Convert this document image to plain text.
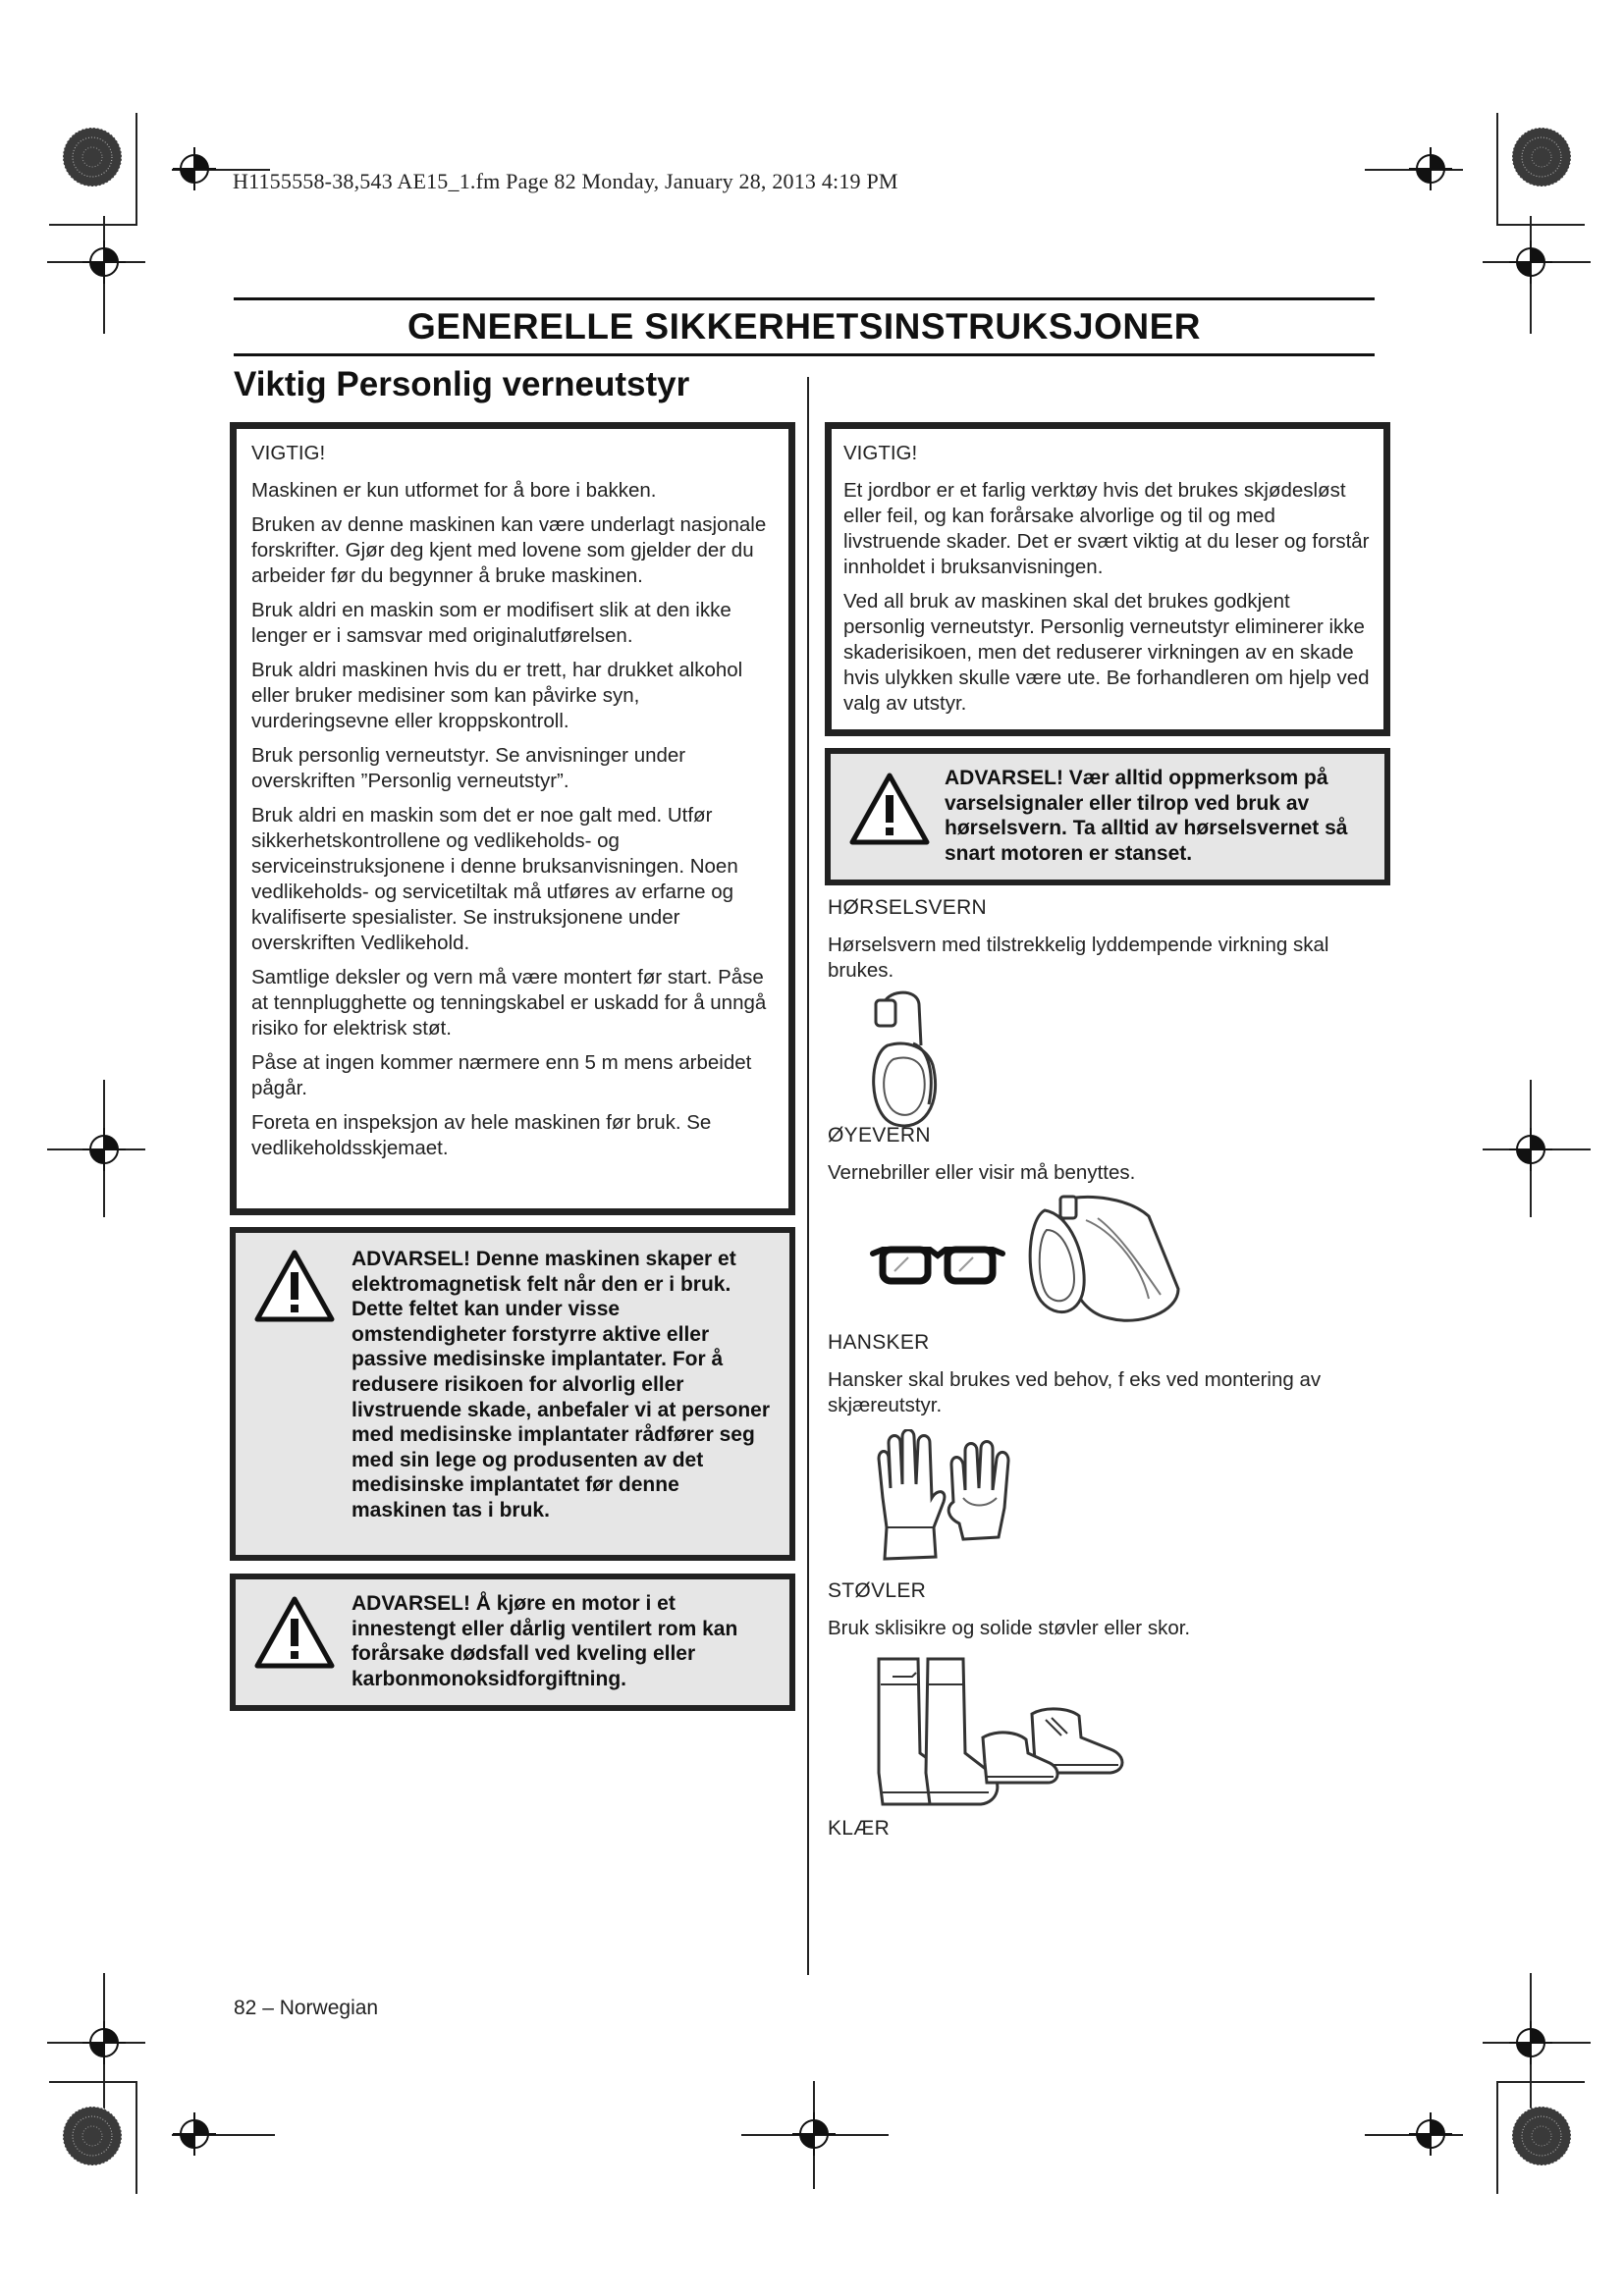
H1155558-38,543 AE15_1.fm Page 82 Monday, January 28, 2013 4:19 PM
GENERELLE SIKKERHETSINSTRUKSJONER
Viktig Personlig verneutstyr
VIGTIG!

Maskinen er kun utformet for å bore i bakken.

Bruken av denne maskinen kan være underlagt nasjonale forskrifter. Gjør deg kjent med lovene som gjelder der du arbeider før du begynner å bruke maskinen.

Bruk aldri en maskin som er modifisert slik at den ikke lenger er i samsvar med originalutførelsen.

Bruk aldri maskinen hvis du er trett, har drukket alkohol eller bruker medisiner som kan påvirke syn, vurderingsevne eller kroppskontroll.

Bruk personlig verneutstyr. Se anvisninger under overskriften ”Personlig verneutstyr”.

Bruk aldri en maskin som det er noe galt med. Utfør sikkerhetskontrollene og vedlikeholds- og serviceinstruksjonene i denne bruksanvisningen. Noen vedlikeholds- og servicetiltak må utføres av erfarne og kvalifiserte spesialister. Se instruksjonene under overskriften Vedlikehold.

Samtlige deksler og vern må være montert før start. Påse at tennplugghette og tenningskabel er uskadd for å unngå risiko for elektrisk støt.

Påse at ingen kommer nærmere enn 5 m mens arbeidet pågår.

Foreta en inspeksjon av hele maskinen før bruk. Se vedlikeholdsskjemaet.

ADVARSEL! Denne maskinen skaper et elektromagnetisk felt når den er i bruk. Dette feltet kan under visse omstendigheter forstyrre aktive eller passive medisinske implantater. For å redusere risikoen for alvorlig eller livstruende skade, anbefaler vi at personer med medisinske implantater rådfører seg med sin lege og produsenten av det medisinske implantatet før denne maskinen tas i bruk.
ADVARSEL! Å kjøre en motor i et innestengt eller dårlig ventilert rom kan forårsake dødsfall ved kveling eller karbonmonoksidforgiftning.
VIGTIG!

Et jordbor er et farlig verktøy hvis det brukes skjødesløst eller feil, og kan forårsake alvorlige og til og med livstruende skader. Det er svært viktig at du leser og forstår innholdet i bruksanvisningen.

Ved all bruk av maskinen skal det brukes godkjent personlig verneutstyr. Personlig verneutstyr eliminerer ikke skaderisikoen, men det reduserer virkningen av en skade hvis ulykken skulle være ute. Be forhandleren om hjelp ved valg av utstyr.

ADVARSEL! Vær alltid oppmerksom på varselsignaler eller tilrop ved bruk av hørselsvern. Ta alltid av hørselsvernet så snart motoren er stanset.
HØRSELSVERN
Hørselsvern med tilstrekkelig lyddempende virkning skal brukes.
ØYEVERN
Vernebriller eller visir må benyttes.
HANSKER
Hansker skal brukes ved behov, f eks ved montering av skjæreutstyr.
STØVLER
Bruk sklisikre og solide støvler eller skor.
KLÆR
82 – Norwegian
